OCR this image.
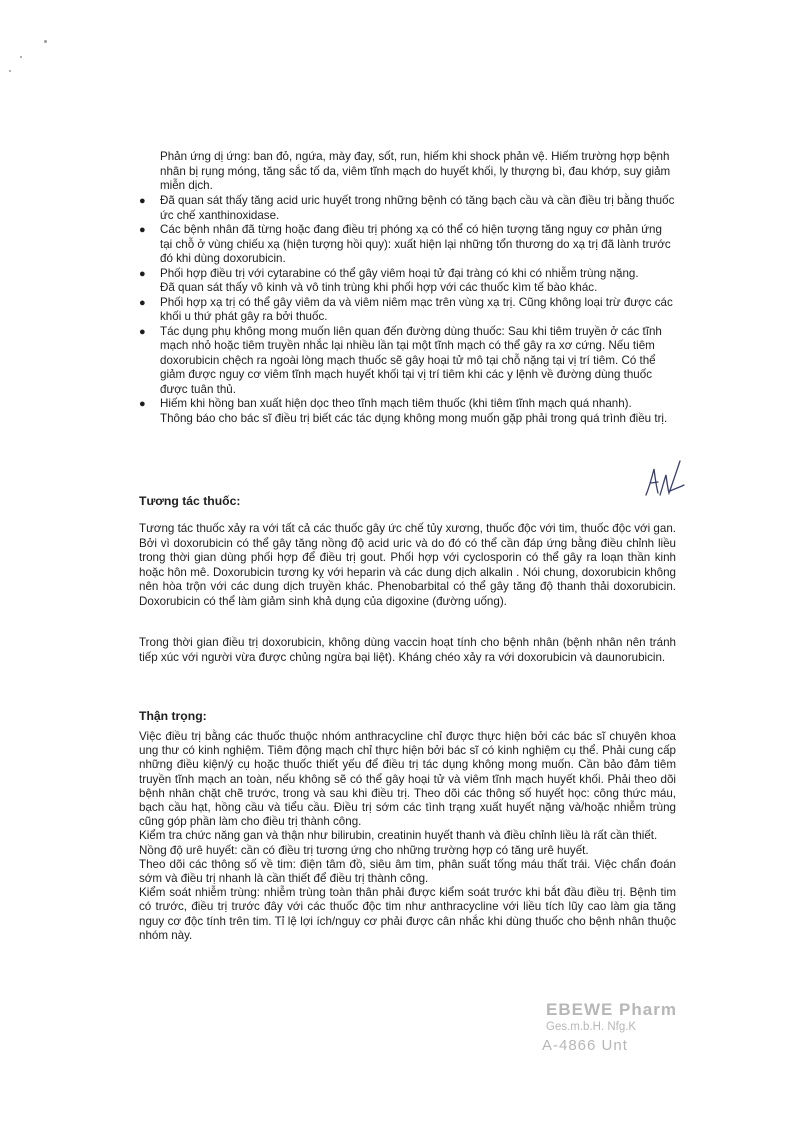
Phản ứng dị ứng: ban đỏ, ngứa, mày đay, sốt, run, hiếm khi shock phản vệ. Hiếm trường hợp bệnh nhân bị rụng móng, tăng sắc tố da, viêm tĩnh mạch do huyết khối, ly thượng bì, đau khớp, suy giảm miễn dịch.

● Đã quan sát thấy tăng acid uric huyết trong những bệnh có tăng bạch cầu và cần điều trị bằng thuốc ức chế xanthinoxidase.

● Các bệnh nhân đã từng hoặc đang điều trị phóng xạ có thể có hiện tượng tăng nguy cơ phản ứng tại chỗ ở vùng chiếu xạ (hiện tượng hồi quy): xuất hiện lại những tổn thương do xạ trị đã lành trước đó khi dùng doxorubicin.

● Phối hợp điều trị với cytarabine có thể gây viêm hoại tử đại tràng có khi có nhiễm trùng nặng.

Đã quan sát thấy vô kinh và vô tinh trùng khi phối hợp với các thuốc kìm tế bào khác.

● Phối hợp xạ trị có thể gây viêm da và viêm niêm mạc trên vùng xạ trị. Cũng không loại trừ được các khối u thứ phát gây ra bởi thuốc.

● Tác dụng phụ không mong muốn liên quan đến đường dùng thuốc: Sau khi tiêm truyền ở các tĩnh mạch nhỏ hoặc tiêm truyền nhắc lại nhiều lần tại một tĩnh mạch có thể gây ra xơ cứng. Nếu tiêm doxorubicin chệch ra ngoài lòng mạch thuốc sẽ gây hoại tử mô tại chỗ nặng tại vị trí tiêm. Có thể giảm được nguy cơ viêm tĩnh mạch huyết khối tại vị trí tiêm khi các y lệnh về đường dùng thuốc được tuân thủ.

● Hiếm khi hồng ban xuất hiện dọc theo tĩnh mạch tiêm thuốc (khi tiêm tĩnh mạch quá nhanh).

Thông báo cho bác sĩ điều trị biết các tác dụng không mong muốn gặp phải trong quá trình điều trị.

Tương tác thuốc:

Tương tác thuốc xảy ra với tất cả các thuốc gây ức chế tủy xương, thuốc độc với tim, thuốc độc với gan. Bởi vì doxorubicin có thể gây tăng nồng độ acid uric và do đó có thể cần đáp ứng bằng điều chỉnh liều trong thời gian dùng phối hợp để điều trị gout. Phối hợp với cyclosporin có thể gây ra loạn thần kinh hoặc hôn mê. Doxorubicin tương kỵ với heparin và các dung dịch alkalin . Nói chung, doxorubicin không nên hòa trộn với các dung dịch truyền khác. Phenobarbital có thể gây tăng độ thanh thải doxorubicin. Doxorubicin có thể làm giảm sinh khả dụng của digoxine (đường uống).

Trong thời gian điều trị doxorubicin, không dùng vaccin hoạt tính cho bệnh nhân (bệnh nhân nên tránh tiếp xúc với người vừa được chủng ngừa bại liệt). Kháng chéo xảy ra với doxorubicin và daunorubicin.

Thận trọng:

Việc điều trị bằng các thuốc thuộc nhóm anthracycline chỉ được thực hiện bởi các bác sĩ chuyên khoa ung thư có kinh nghiệm. Tiêm động mạch chỉ thực hiện bởi bác sĩ có kinh nghiệm cụ thể. Phải cung cấp những điều kiện/ý cụ hoặc thuốc thiết yếu để điều trị tác dụng không mong muốn. Cần bảo đảm tiêm truyền tĩnh mạch an toàn, nếu không sẽ có thể gây hoại tử và viêm tĩnh mạch huyết khối. Phải theo dõi bệnh nhân chặt chẽ trước, trong và sau khi điều trị. Theo dõi các thông số huyết học: công thức máu, bạch cầu hạt, hồng cầu và tiểu cầu. Điều trị sớm các tình trạng xuất huyết nặng và/hoặc nhiễm trùng cũng góp phần làm cho điều trị thành công.

Kiểm tra chức năng gan và thận như bilirubin, creatinin huyết thanh và điều chỉnh liều là rất cần thiết.

Nồng độ urê huyết: cần có điều trị tương ứng cho những trường hợp có tăng urê huyết.

Theo dõi các thông số về tim: điện tâm đồ, siêu âm tim, phân suất tống máu thất trái. Việc chẩn đoán sớm và điều trị nhanh là cần thiết để điều trị thành công.

Kiểm soát nhiễm trùng: nhiễm trùng toàn thân phải được kiểm soát trước khi bắt đầu điều trị. Bệnh tim có trước, điều trị trước đây với các thuốc độc tim như anthracycline với liều tích lũy cao làm gia tăng nguy cơ độc tính trên tim. Tỉ lệ lợi ích/nguy cơ phải được cân nhắc khi dùng thuốc cho bệnh nhân thuộc nhóm này.

EBEWE Pharm
Ges.m.b.H. Nfg.K
A-4866 Unt
